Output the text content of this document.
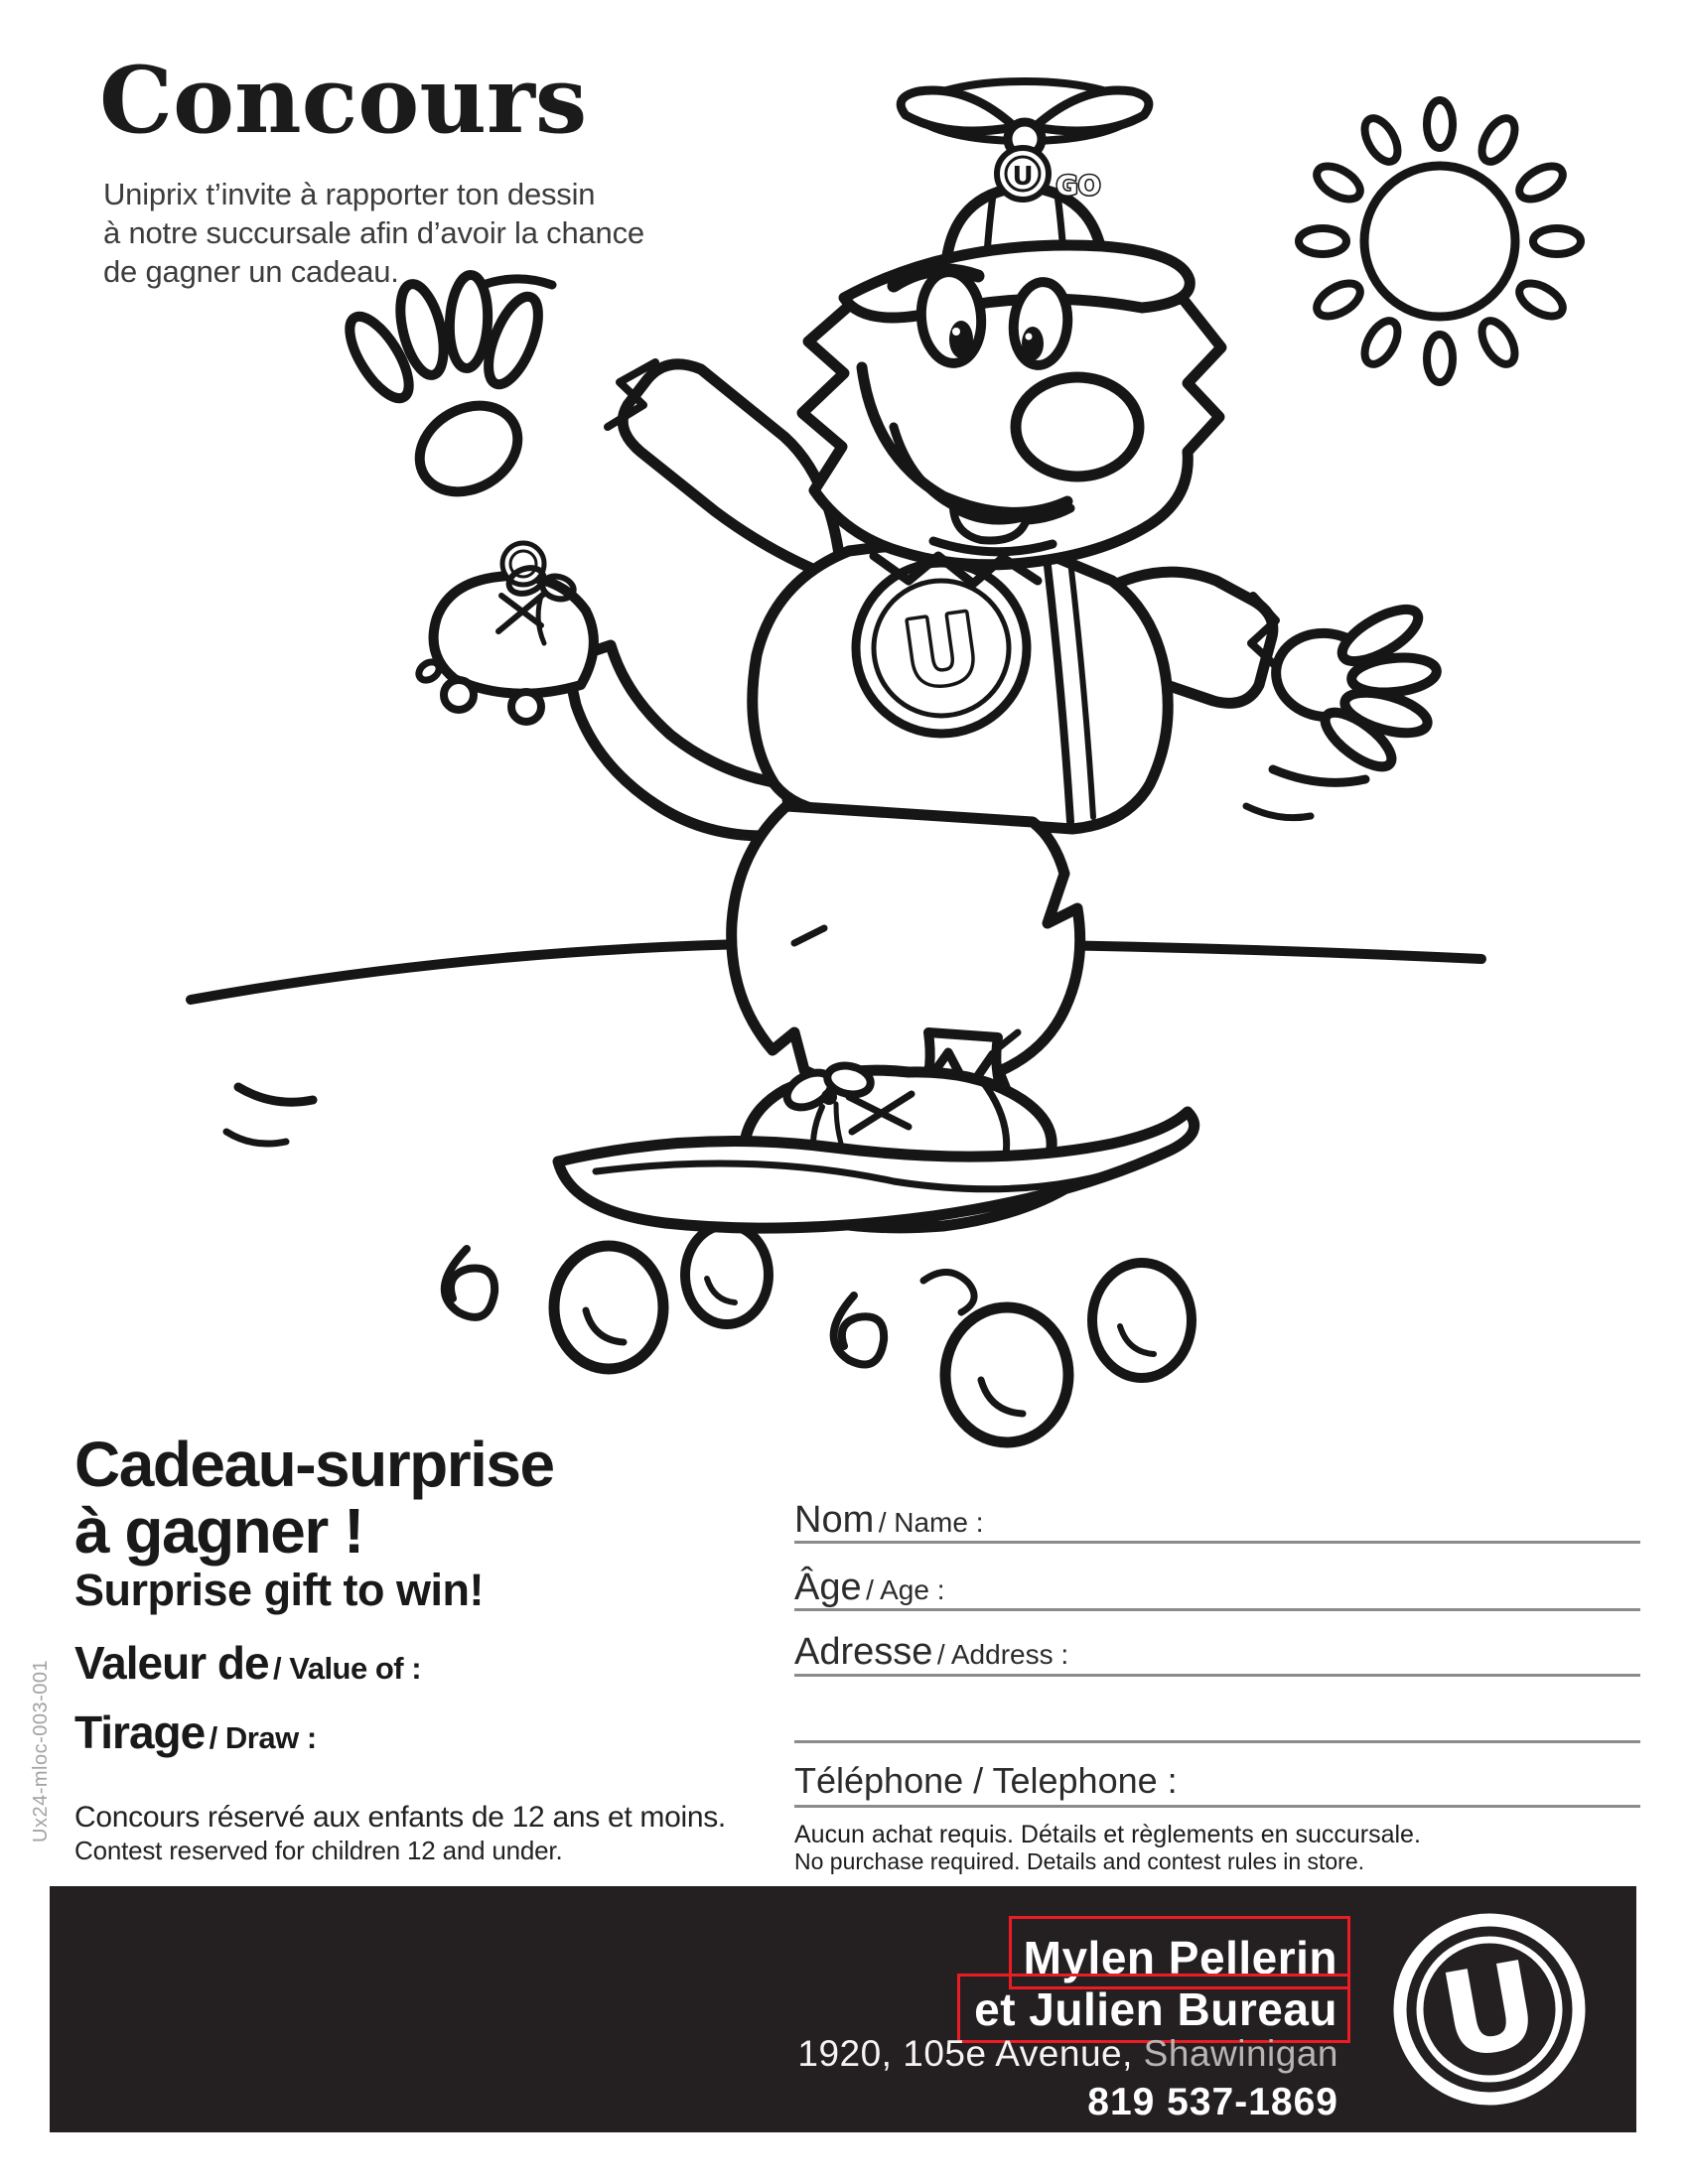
U
U GO
Concours
Uniprix t’invite à rapporter ton dessin
à notre succursale afin d’avoir la chance
de gagner un cadeau.
Cadeau-surprise
à gagner !
Surprise gift to win!
Valeur de / Value of :
Tirage / Draw :
Concours réservé aux enfants de 12 ans et moins.
Contest reserved for children 12 and under.
Nom / Name :
Âge / Age :
Adresse / Address :
Téléphone / Telephone :
Aucun achat requis. Détails et règlements en succursale.
No purchase required. Details and contest rules in store.
Ux24-mloc-003-001
Mylen Pellerin
et Julien Bureau
1920, 105e Avenue, Shawinigan
819 537-1869
U
